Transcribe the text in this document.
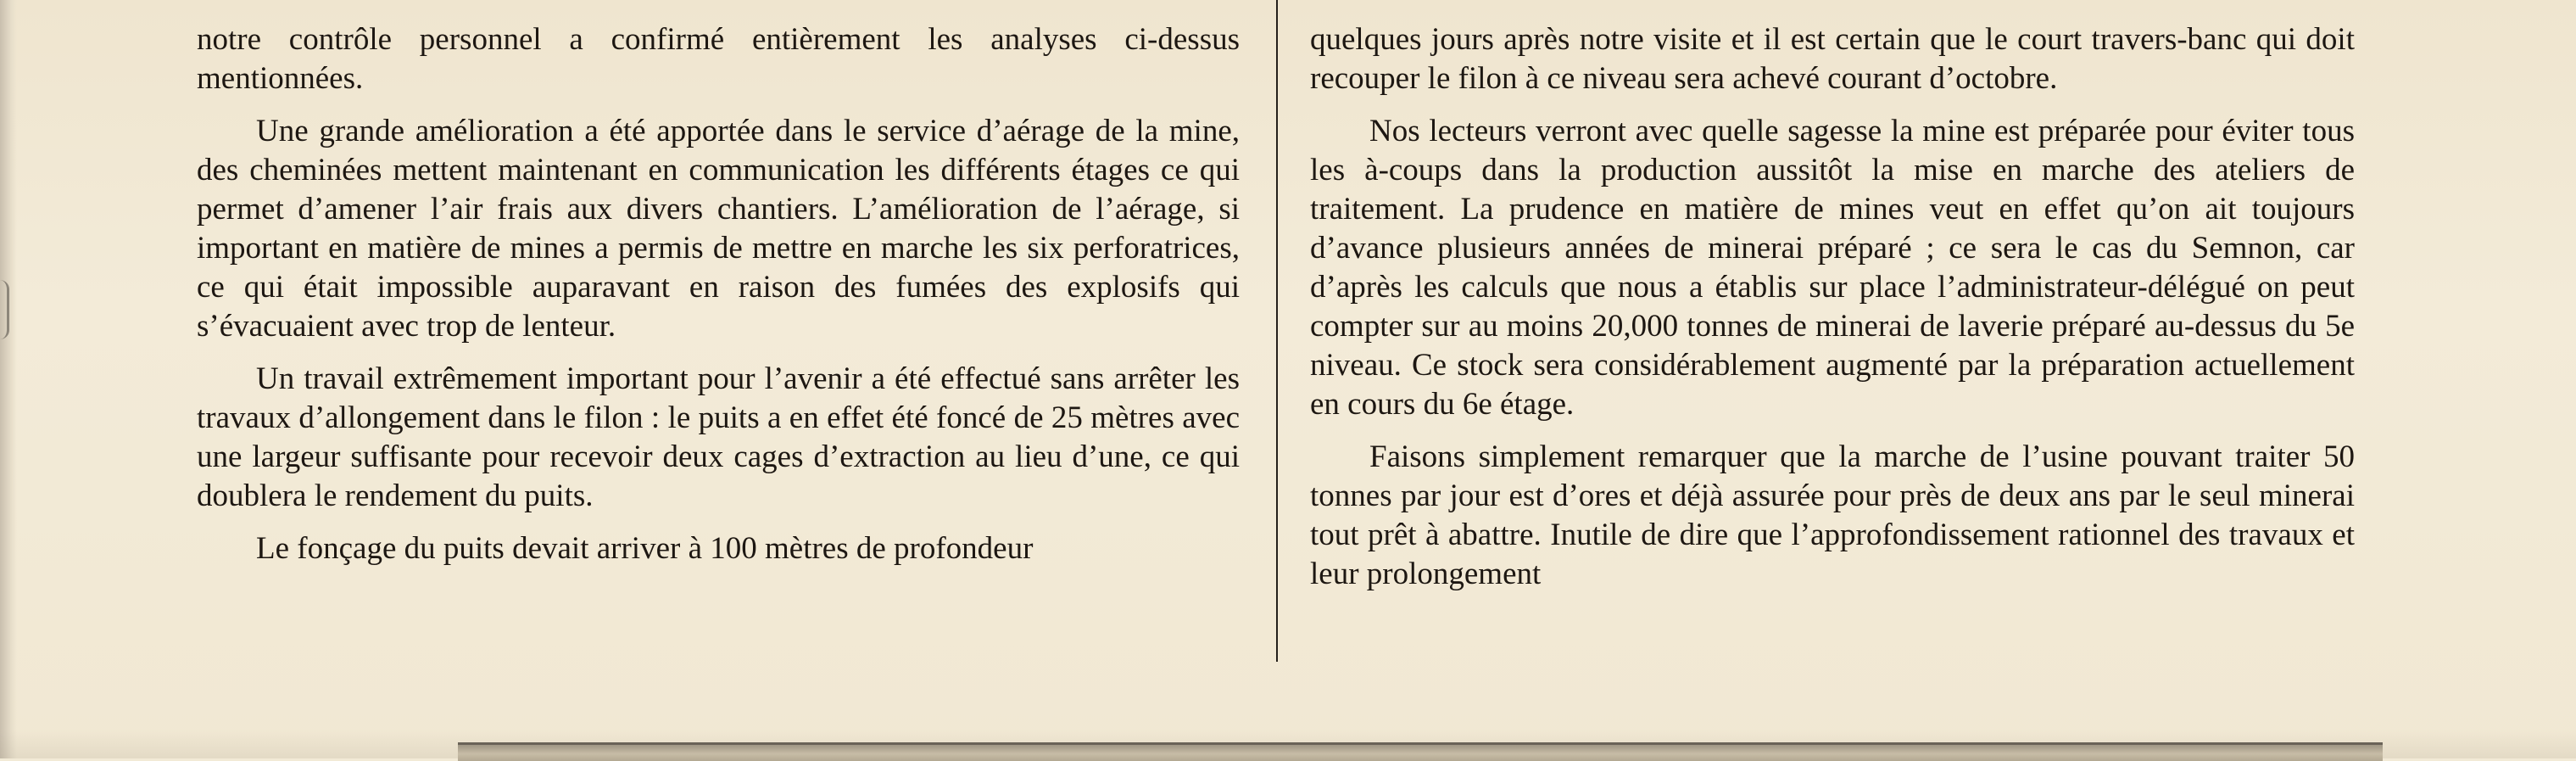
notre contrôle personnel a confirmé entièrement les analyses ci-dessus mentionnées.

Une grande amélioration a été apportée dans le service d’aérage de la mine, des cheminées mettent maintenant en communication les différents étages ce qui permet d’amener l’air frais aux divers chantiers. L’amélioration de l’aérage, si important en matière de mines a permis de mettre en marche les six perforatrices, ce qui était impossible auparavant en raison des fumées des explosifs qui s’évacuaient avec trop de lenteur.

Un travail extrêmement important pour l’avenir a été effectué sans arrêter les travaux d’allongement dans le filon : le puits a en effet été foncé de 25 mètres avec une largeur suffisante pour recevoir deux cages d’extraction au lieu d’une, ce qui doublera le rendement du puits.

Le fonçage du puits devait arriver à 100 mètres de profondeur

quelques jours après notre visite et il est certain que le court travers-banc qui doit recouper le filon à ce niveau sera achevé courant d’octobre.

Nos lecteurs verront avec quelle sagesse la mine est préparée pour éviter tous les à-coups dans la production aussitôt la mise en marche des ateliers de traitement. La prudence en matière de mines veut en effet qu’on ait toujours d’avance plusieurs années de minerai préparé ; ce sera le cas du Semnon, car d’après les calculs que nous a établis sur place l’administrateur-délégué on peut compter sur au moins 20,000 tonnes de minerai de laverie préparé au-dessus du 5e niveau. Ce stock sera considérablement augmenté par la préparation actuellement en cours du 6e étage.

Faisons simplement remarquer que la marche de l’usine pouvant traiter 50 tonnes par jour est d’ores et déjà assurée pour près de deux ans par le seul minerai tout prêt à abattre. Inutile de dire que l’approfondissement rationnel des travaux et leur prolongement
